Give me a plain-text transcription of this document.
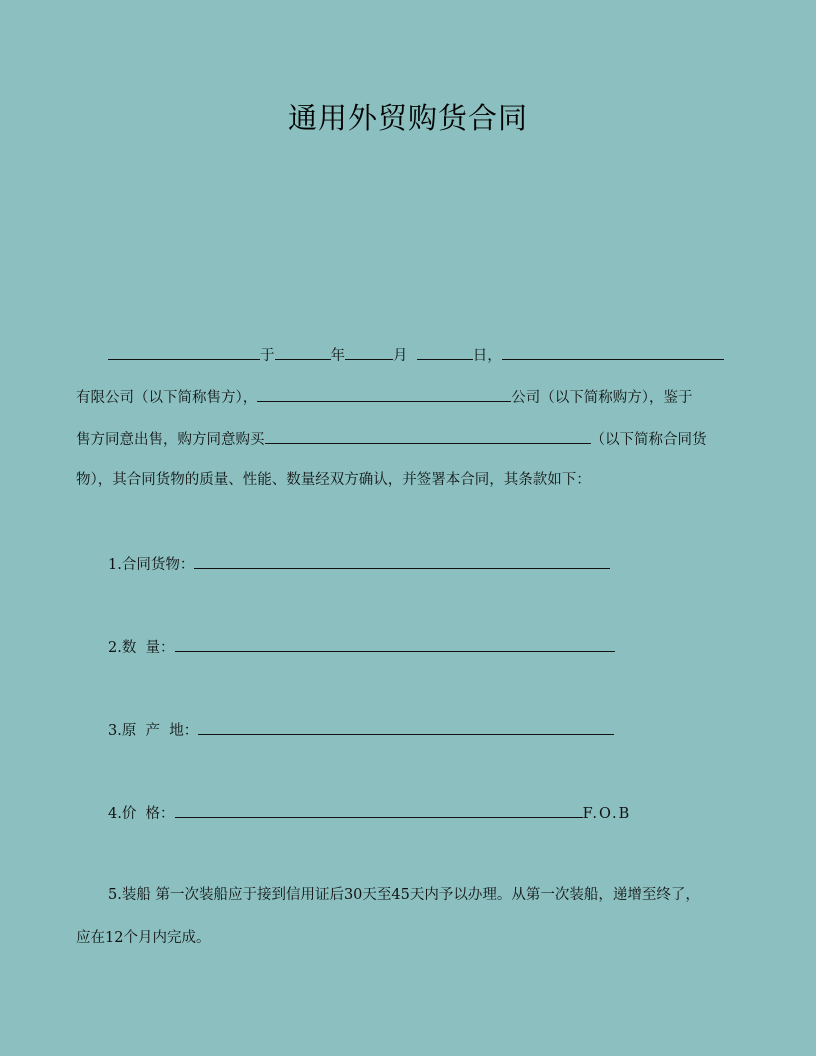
通用外贸购货合同
于	年	月	日，
有限公司（以下简称售方），	公司（以下简称购方），鉴于
售方同意出售，购方同意购买	（以下简称合同货
物），其合同货物的质量、性能、数量经双方确认，并签署本合同，其条款如下：
1.合同货物：
2.数  量：
3.原  产  地：
4.价  格：	F.O.B
5.装船 第一次装船应于接到信用证后30天至45天内予以办理。从第一次装船，递增至终了，
应在12个月内完成。
